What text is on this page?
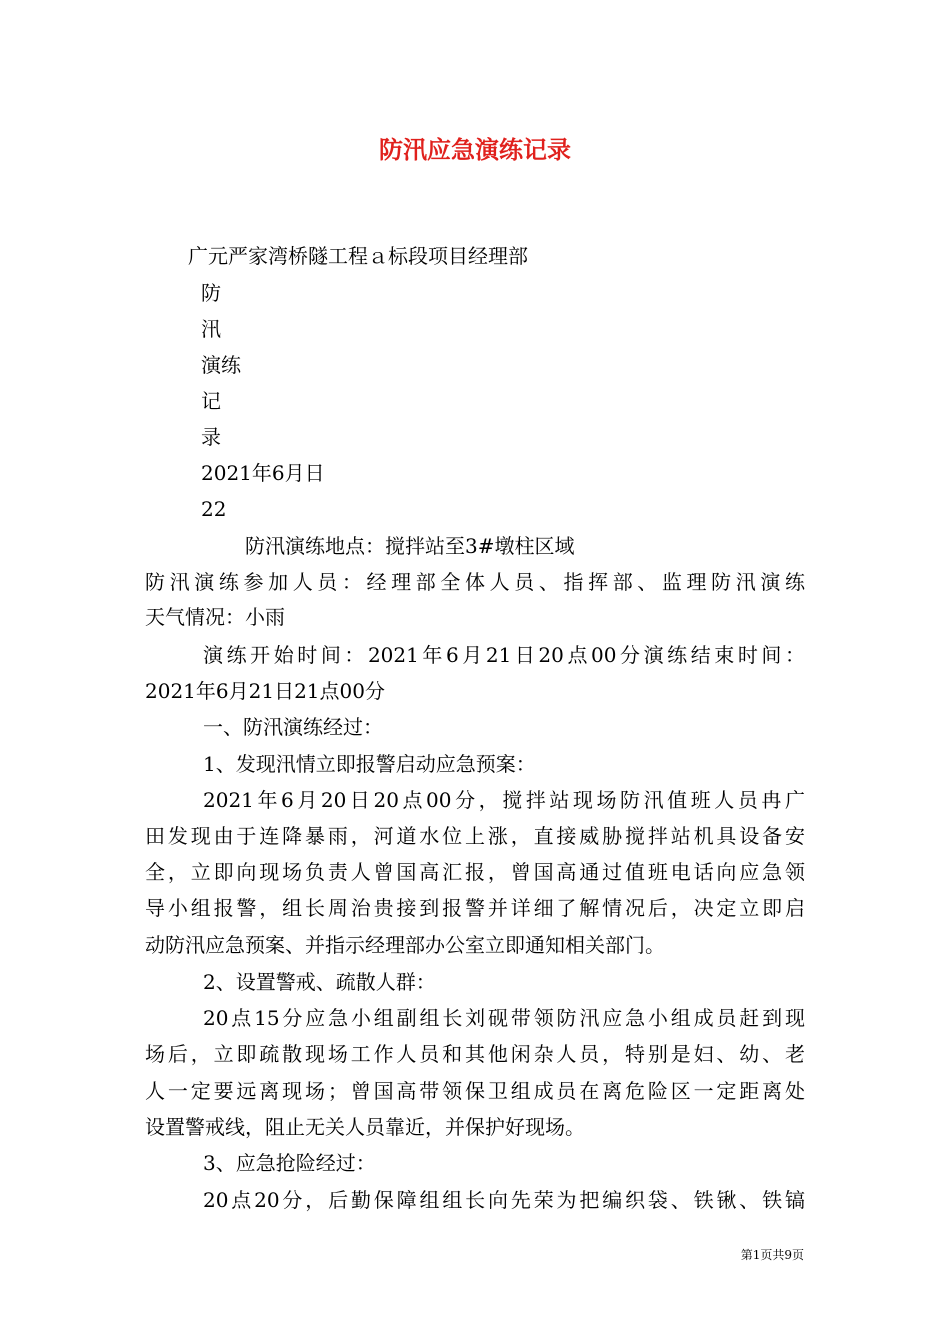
防汛应急演练记录
广元严家湾桥隧工程ａ标段项目经理部
防
汛
演练
记
录
2021年6月日
22
防汛演练地点：搅拌站至3#墩柱区域
防汛演练参加人员：经理部全体人员、指挥部、监理防汛演练
天气情况：小雨
演练开始时间：2021年6月21日20点00分演练结束时间：
2021年6月21日21点00分
一、防汛演练经过：
1、发现汛情立即报警启动应急预案：
2021年6月20日20点00分，搅拌站现场防汛值班人员冉广
田发现由于连降暴雨，河道水位上涨，直接威胁搅拌站机具设备安
全，立即向现场负责人曾国高汇报，曾国高通过值班电话向应急领
导小组报警，组长周治贵接到报警并详细了解情况后，决定立即启
动防汛应急预案、并指示经理部办公室立即通知相关部门。
2、设置警戒、疏散人群：
20点15分应急小组副组长刘砚带领防汛应急小组成员赶到现
场后，立即疏散现场工作人员和其他闲杂人员，特别是妇、幼、老
人一定要远离现场；曾国高带领保卫组成员在离危险区一定距离处
设置警戒线，阻止无关人员靠近，并保护好现场。
3、应急抢险经过：
20点20分，后勤保障组组长向先荣为把编织袋、铁锹、铁镐
第1页共9页
